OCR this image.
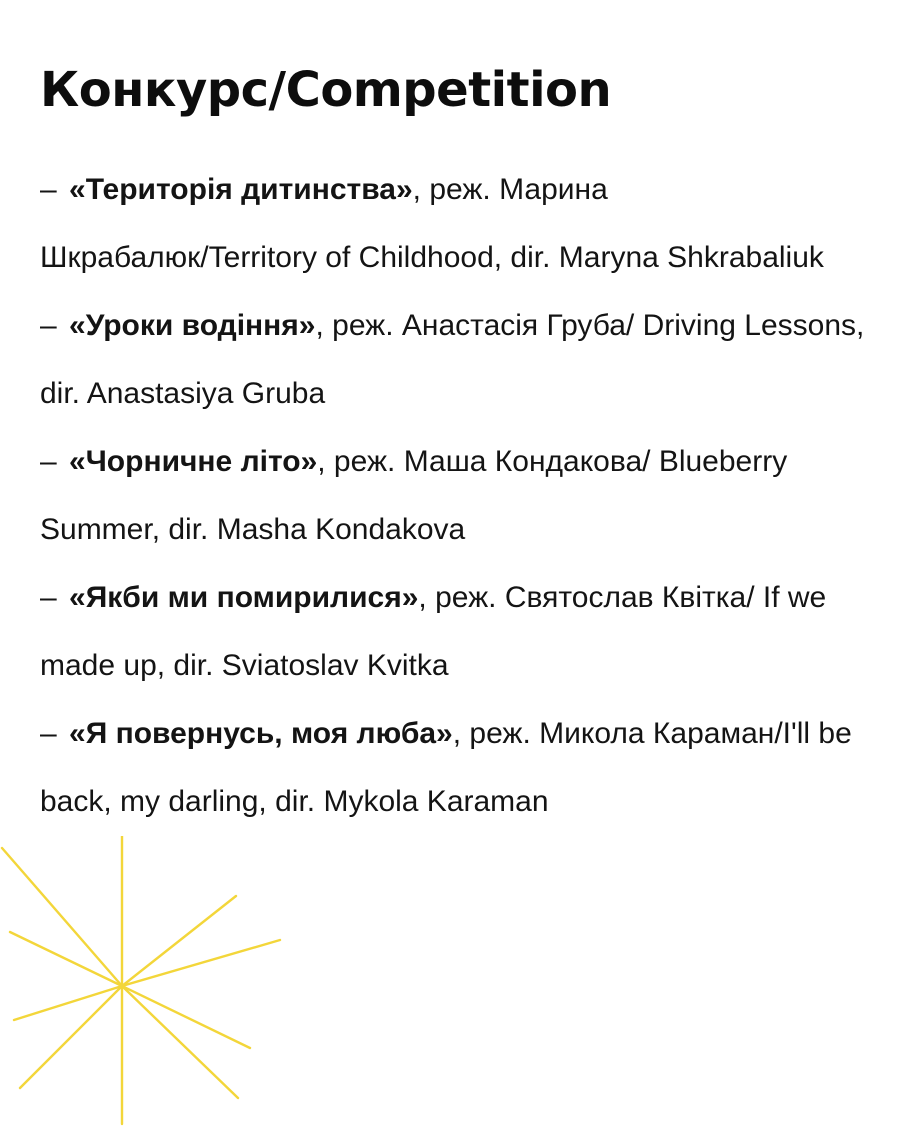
Конкурс/Competition
– «Територія дитинства», реж. Марина Шкрабалюк/Territory of Childhood, dir. Maryna Shkrabaliuk
– «Уроки водіння», реж. Анастасія Груба/ Driving Lessons, dir. Anastasiya Gruba
– «Чорничне літо», реж. Маша Кондакова/ Blueberry Summer, dir. Masha Kondakova
– «Якби ми помирилися», реж. Святослав Квітка/ If we made up, dir. Sviatoslav Kvitka
– «Я повернусь, моя люба», реж. Микола Караман/I'll be back, my darling, dir. Mykola Karaman
